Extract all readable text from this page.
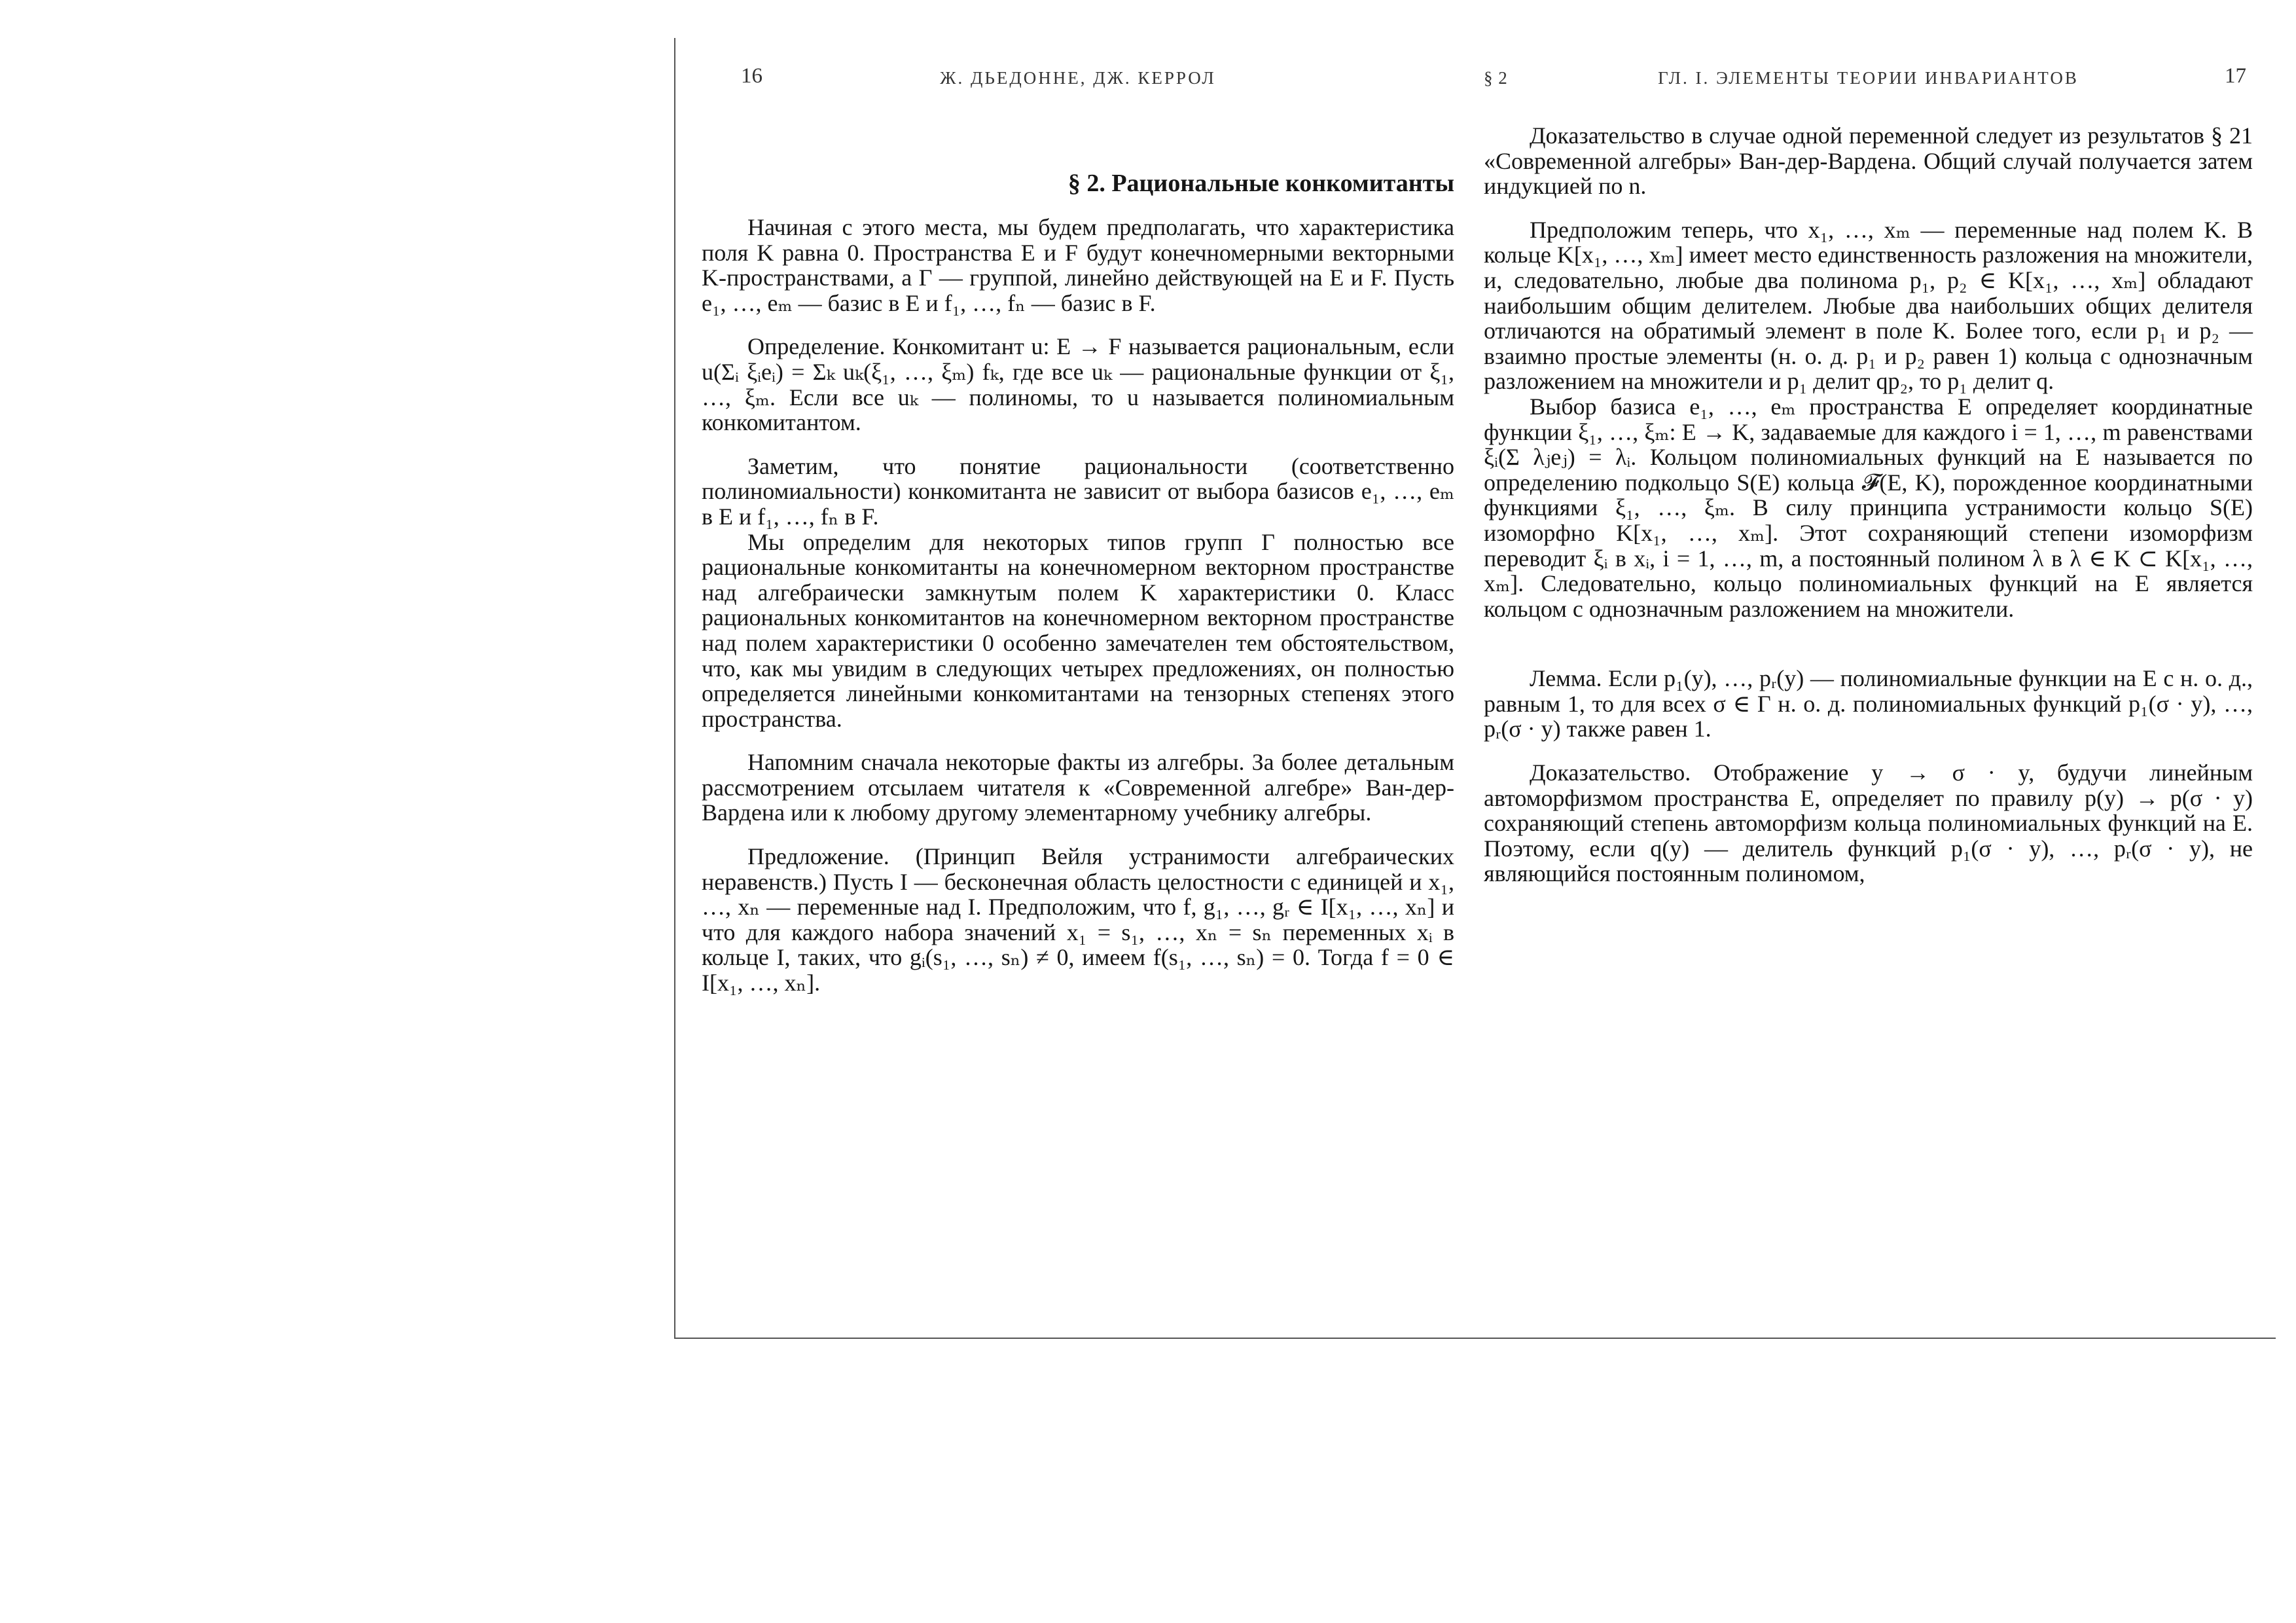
16	Ж. ДЬЕДОННЕ, ДЖ. КЕРРОЛ
§ 2. Рациональные конкомитанты

Начиная с этого места, мы будем предполагать, что характеристика поля K равна 0. Пространства E и F будут конечномерными векторными K-пространствами, а Γ — группой, линейно действующей на E и F. Пусть e₁, …, eₘ — базис в E и f₁, …, fₙ — базис в F.

Определение. Конкомитант u: E → F называется рациональным, если u(Σᵢ ξᵢeᵢ) = Σₖ uₖ(ξ₁, …, ξₘ) fₖ, где все uₖ — рациональные функции от ξ₁, …, ξₘ. Если все uₖ — полиномы, то u называется полиномиальным конкомитантом.

Заметим, что понятие рациональности (соответственно полиномиальности) конкомитанта не зависит от выбора базисов e₁, …, eₘ в E и f₁, …, fₙ в F.

Мы определим для некоторых типов групп Γ полностью все рациональные конкомитанты на конечномерном векторном пространстве над алгебраически замкнутым полем K характеристики 0. Класс рациональных конкомитантов на конечномерном векторном пространстве над полем характеристики 0 особенно замечателен тем обстоятельством, что, как мы увидим в следующих четырех предложениях, он полностью определяется линейными конкомитантами на тензорных степенях этого пространства.

Напомним сначала некоторые факты из алгебры. За более детальным рассмотрением отсылаем читателя к «Современной алгебре» Ван-дер-Вардена или к любому другому элементарному учебнику алгебры.

Предложение. (Принцип Вейля устранимости алгебраических неравенств.) Пусть I — бесконечная область целостности с единицей и x₁, …, xₙ — переменные над I. Предположим, что f, g₁, …, gᵣ ∈ I[x₁, …, xₙ] и что для каждого набора значений x₁ = s₁, …, xₙ = sₙ переменных xᵢ в кольце I, таких, что gᵢ(s₁, …, sₙ) ≠ 0, имеем f(s₁, …, sₙ) = 0. Тогда f = 0 ∈ I[x₁, …, xₙ].

§ 2	ГЛ. I. ЭЛЕМЕНТЫ ТЕОРИИ ИНВАРИАНТОВ	17

Доказательство в случае одной переменной следует из результатов § 21 «Современной алгебры» Ван-дер-Вардена. Общий случай получается затем индукцией по n.

Предположим теперь, что x₁, …, xₘ — переменные над полем K. В кольце K[x₁, …, xₘ] имеет место единственность разложения на множители, и, следовательно, любые два полинома p₁, p₂ ∈ K[x₁, …, xₘ] обладают наибольшим общим делителем. Любые два наибольших общих делителя отличаются на обратимый элемент в поле K. Более того, если p₁ и p₂ — взаимно простые элементы (н. о. д. p₁ и p₂ равен 1) кольца с однозначным разложением на множители и p₁ делит qp₂, то p₁ делит q.

Выбор базиса e₁, …, eₘ пространства E определяет координатные функции ξ₁, …, ξₘ: E → K, задаваемые для каждого i = 1, …, m равенствами ξᵢ(Σ λⱼeⱼ) = λᵢ. Кольцом полиномиальных функций на E называется по определению подкольцо S(E) кольца 𝓕(E, K), порожденное координатными функциями ξ₁, …, ξₘ. В силу принципа устранимости кольцо S(E) изоморфно K[x₁, …, xₘ]. Этот сохраняющий степени изоморфизм переводит ξᵢ в xᵢ, i = 1, …, m, а постоянный полином λ в λ ∈ K ⊂ K[x₁, …, xₘ]. Следовательно, кольцо полиномиальных функций на E является кольцом с однозначным разложением на множители.

Лемма. Если p₁(y), …, pᵣ(y) — полиномиальные функции на E с н. о. д., равным 1, то для всех σ ∈ Γ н. о. д. полиномиальных функций p₁(σ · y), …, pᵣ(σ · y) также равен 1.

Доказательство. Отображение y → σ · y, будучи линейным автоморфизмом пространства E, определяет по правилу p(y) → p(σ · y) сохраняющий степень автоморфизм кольца полиномиальных функций на E. Поэтому, если q(y) — делитель функций p₁(σ · y), …, pᵣ(σ · y), не являющийся постоянным полиномом,
